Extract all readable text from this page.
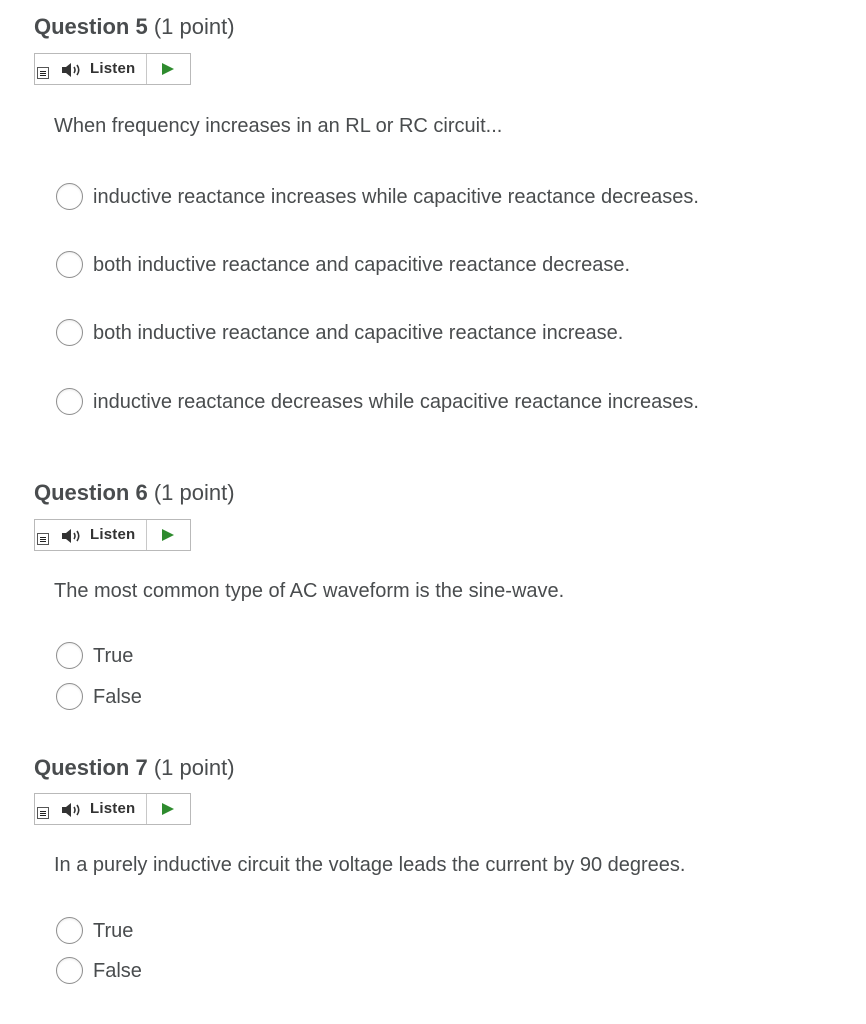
Question 5 (1 point)
Listen

When frequency increases in an RL or RC circuit...

inductive reactance increases while capacitive reactance decreases.
both inductive reactance and capacitive reactance decrease.
both inductive reactance and capacitive reactance increase.
inductive reactance decreases while capacitive reactance increases.
Question 6 (1 point)
Listen

The most common type of AC waveform is the sine-wave.

True
False
Question 7 (1 point)
Listen

In a purely inductive circuit the voltage leads the current by 90 degrees.

True
False
